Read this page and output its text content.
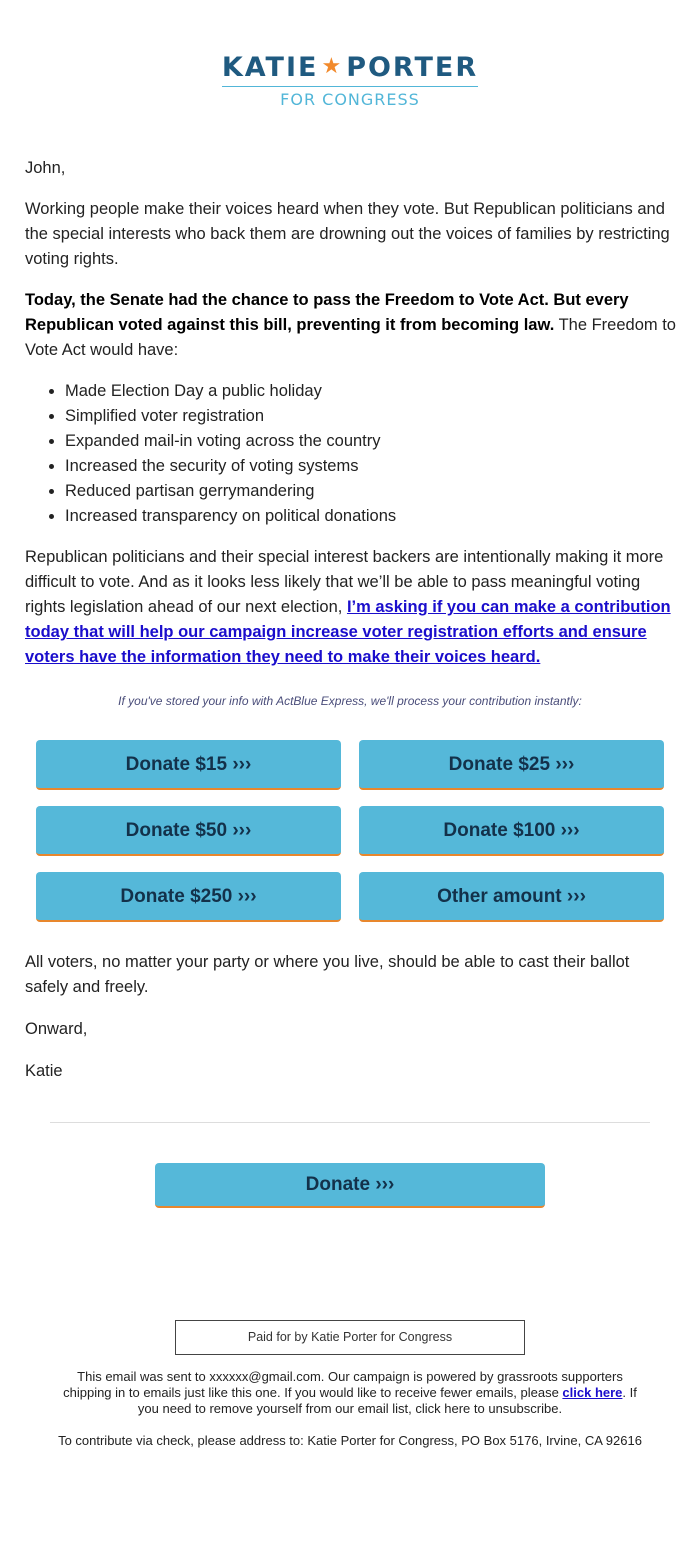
KATIE ★ PORTER
FOR CONGRESS

John,

Working people make their voices heard when they vote. But Republican politicians and the special interests who back them are drowning out the voices of families by restricting voting rights.

Today, the Senate had the chance to pass the Freedom to Vote Act. But every Republican voted against this bill, preventing it from becoming law. The Freedom to Vote Act would have:

• Made Election Day a public holiday
• Simplified voter registration
• Expanded mail-in voting across the country
• Increased the security of voting systems
• Reduced partisan gerrymandering
• Increased transparency on political donations

Republican politicians and their special interest backers are intentionally making it more difficult to vote. And as it looks less likely that we’ll be able to pass meaningful voting rights legislation ahead of our next election, I’m asking if you can make a contribution today that will help our campaign increase voter registration efforts and ensure voters have the information they need to make their voices heard.

If you've stored your info with ActBlue Express, we'll process your contribution instantly:
Donate $15 ›››	Donate $25 ›››
Donate $50 ›››	Donate $100 ›››
Donate $250 ›››	Other amount ›››

All voters, no matter your party or where you live, should be able to cast their ballot safely and freely.

Onward,

Katie

Donate ›››
Paid for by Katie Porter for Congress

This email was sent to xxxxxx@gmail.com. Our campaign is powered by grassroots supporters chipping in to emails just like this one. If you would like to receive fewer emails, please click here. If you need to remove yourself from our email list, click here to unsubscribe.

To contribute via check, please address to: Katie Porter for Congress, PO Box 5176, Irvine, CA 92616
